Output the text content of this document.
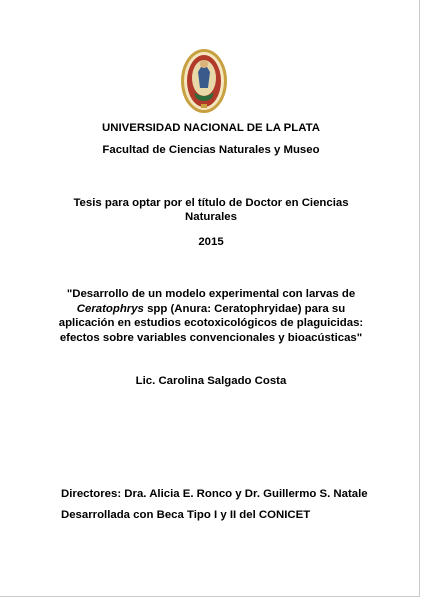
UNIVERSIDAD NACIONAL DE LA PLATA
Facultad de Ciencias Naturales y Museo
Tesis para optar por el título de Doctor en Ciencias
Naturales
2015
"Desarrollo de un modelo experimental con larvas de
Ceratophrys spp (Anura: Ceratophryidae) para su
aplicación en estudios ecotoxicológicos de plaguicidas:
efectos sobre variables convencionales y bioacústicas"
Lic. Carolina Salgado Costa
Directores: Dra. Alicia E. Ronco y Dr. Guillermo S. Natale
Desarrollada con Beca Tipo I y II del CONICET
